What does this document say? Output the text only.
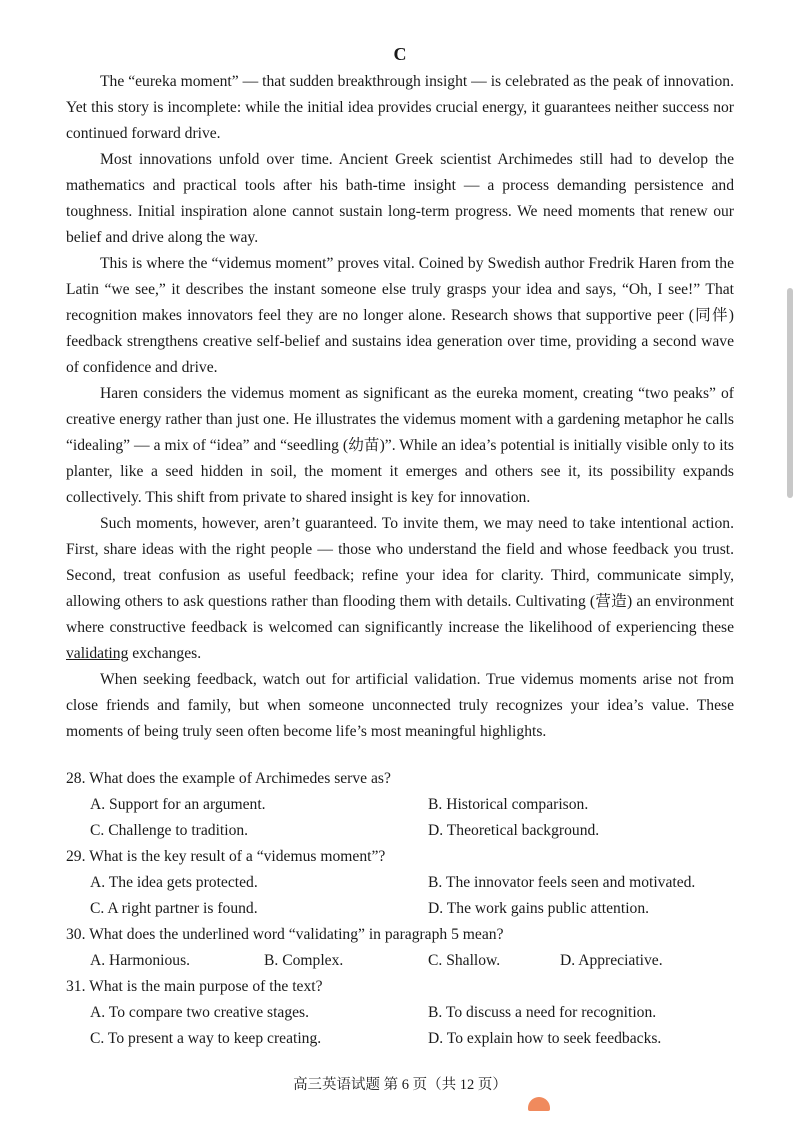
C

The “eureka moment” — that sudden breakthrough insight — is celebrated as the peak of innovation. Yet this story is incomplete: while the initial idea provides crucial energy, it guarantees neither success nor continued forward drive.

Most innovations unfold over time. Ancient Greek scientist Archimedes still had to develop the mathematics and practical tools after his bath-time insight — a process demanding persistence and toughness. Initial inspiration alone cannot sustain long-term progress. We need moments that renew our belief and drive along the way.

This is where the “videmus moment” proves vital. Coined by Swedish author Fredrik Haren from the Latin “we see,” it describes the instant someone else truly grasps your idea and says, “Oh, I see!” That recognition makes innovators feel they are no longer alone. Research shows that supportive peer (同伴) feedback strengthens creative self-belief and sustains idea generation over time, providing a second wave of confidence and drive.

Haren considers the videmus moment as significant as the eureka moment, creating “two peaks” of creative energy rather than just one. He illustrates the videmus moment with a gardening metaphor he calls “idealing” — a mix of “idea” and “seedling (幼苗)”. While an idea’s potential is initially visible only to its planter, like a seed hidden in soil, the moment it emerges and others see it, its possibility expands collectively. This shift from private to shared insight is key for innovation.

Such moments, however, aren’t guaranteed. To invite them, we may need to take intentional action. First, share ideas with the right people — those who understand the field and whose feedback you trust. Second, treat confusion as useful feedback; refine your idea for clarity. Third, communicate simply, allowing others to ask questions rather than flooding them with details. Cultivating (营造) an environment where constructive feedback is welcomed can significantly increase the likelihood of experiencing these validating exchanges.

When seeking feedback, watch out for artificial validation. True videmus moments arise not from close friends and family, but when someone unconnected truly recognizes your idea’s value. These moments of being truly seen often become life’s most meaningful highlights.

28. What does the example of Archimedes serve as?
A. Support for an argument.	B. Historical comparison.
C. Challenge to tradition.	D. Theoretical background.
29. What is the key result of a “videmus moment”?
A. The idea gets protected.	B. The innovator feels seen and motivated.
C. A right partner is found.	D. The work gains public attention.
30. What does the underlined word “validating” in paragraph 5 mean?
A. Harmonious.	B. Complex.	C. Shallow.	D. Appreciative.
31. What is the main purpose of the text?
A. To compare two creative stages.	B. To discuss a need for recognition.
C. To present a way to keep creating.	D. To explain how to seek feedbacks.
高三英语试题 第 6 页（共 12 页）
